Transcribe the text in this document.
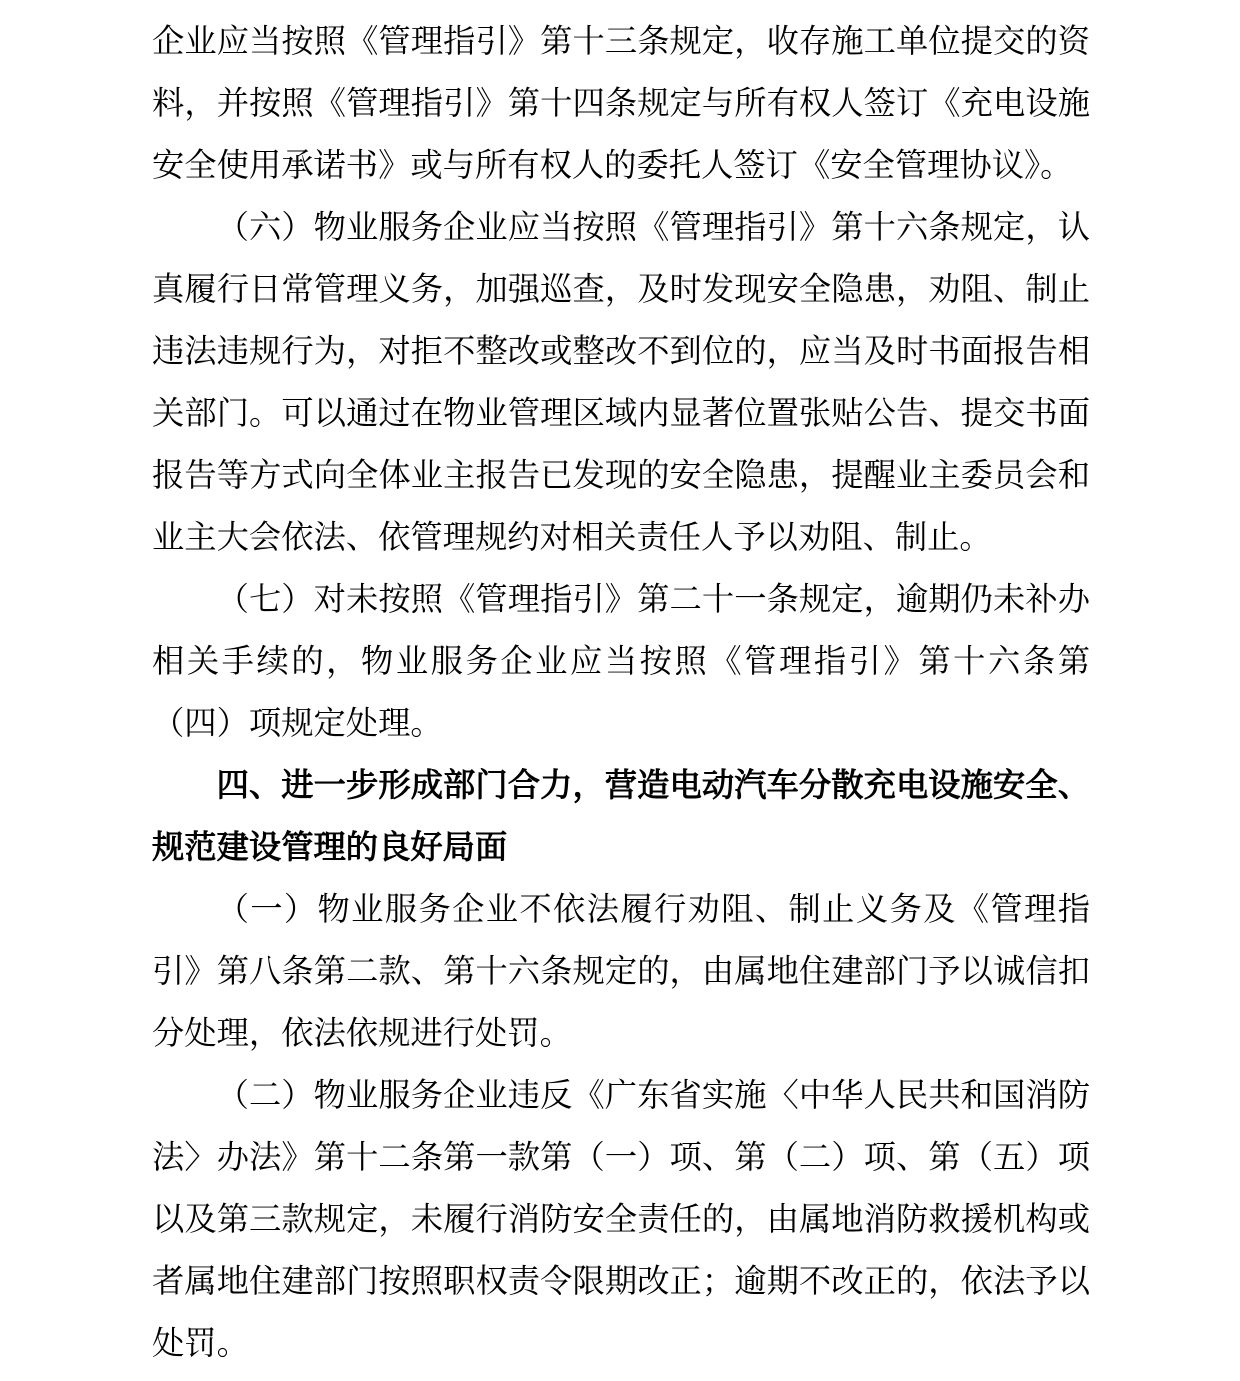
企业应当按照《管理指引》第十三条规定，收存施工单位提交的资料，并按照《管理指引》第十四条规定与所有权人签订《充电设施安全使用承诺书》或与所有权人的委托人签订《安全管理协议》。

（六）物业服务企业应当按照《管理指引》第十六条规定，认真履行日常管理义务，加强巡查，及时发现安全隐患，劝阻、制止违法违规行为，对拒不整改或整改不到位的，应当及时书面报告相关部门。可以通过在物业管理区域内显著位置张贴公告、提交书面报告等方式向全体业主报告已发现的安全隐患，提醒业主委员会和业主大会依法、依管理规约对相关责任人予以劝阻、制止。

（七）对未按照《管理指引》第二十一条规定，逾期仍未补办相关手续的，物业服务企业应当按照《管理指引》第十六条第（四）项规定处理。

四、进一步形成部门合力，营造电动汽车分散充电设施安全、规范建设管理的良好局面

（一）物业服务企业不依法履行劝阻、制止义务及《管理指引》第八条第二款、第十六条规定的，由属地住建部门予以诚信扣分处理，依法依规进行处罚。

（二）物业服务企业违反《广东省实施〈中华人民共和国消防法〉办法》第十二条第一款第（一）项、第（二）项、第（五）项以及第三款规定，未履行消防安全责任的，由属地消防救援机构或者属地住建部门按照职权责令限期改正；逾期不改正的，依法予以处罚。
